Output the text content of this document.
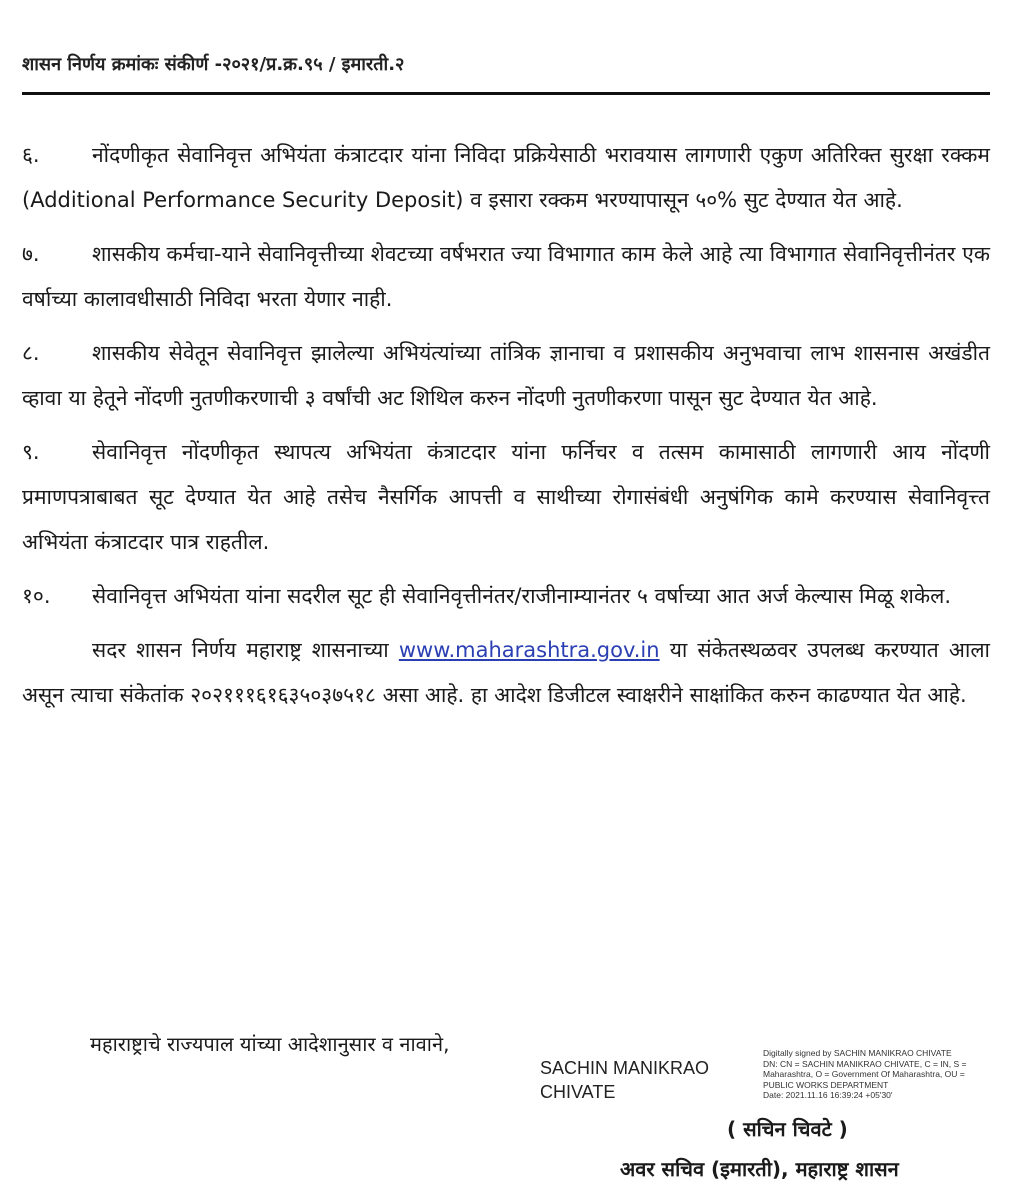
शासन निर्णय क्रमांकः संकीर्ण -२०२१/प्र.क्र.९५ / इमारती.२

६. नोंदणीकृत सेवानिवृत्त अभियंता कंत्राटदार यांना निविदा प्रक्रियेसाठी भरावयास लागणारी एकुण अतिरिक्त सुरक्षा रक्कम (Additional Performance Security Deposit) व इसारा रक्कम भरण्यापासून ५०% सुट देण्यात येत आहे.

७. शासकीय कर्मचा-याने सेवानिवृत्तीच्या शेवटच्या वर्षभरात ज्या विभागात काम केले आहे त्या विभागात सेवानिवृत्तीनंतर एक वर्षाच्या कालावधीसाठी निविदा भरता येणार नाही.

८. शासकीय सेवेतून सेवानिवृत्त झालेल्या अभियंत्यांच्या तांत्रिक ज्ञानाचा व प्रशासकीय अनुभवाचा लाभ शासनास अखंडीत व्हावा या हेतूने नोंदणी नुतणीकरणाची ३ वर्षांची अट शिथिल करुन नोंदणी नुतणीकरणा पासून सुट देण्यात येत आहे.

९. सेवानिवृत्त नोंदणीकृत स्थापत्य अभियंता कंत्राटदार यांना फर्निचर व तत्सम कामासाठी लागणारी आय नोंदणी प्रमाणपत्राबाबत सूट देण्यात येत आहे तसेच नैसर्गिक आपत्ती व साथीच्या रोगासंबंधी अनुषंगिक कामे करण्यास सेवानिवृत्त्त अभियंता कंत्राटदार पात्र राहतील.

१०. सेवानिवृत्त अभियंता यांना सदरील सूट ही सेवानिवृत्तीनंतर/राजीनाम्यानंतर ५ वर्षाच्या आत अर्ज केल्यास मिळू शकेल.

सदर शासन निर्णय महाराष्ट्र शासनाच्या www.maharashtra.gov.in या संकेतस्थळवर उपलब्ध करण्यात आला असून त्याचा संकेतांक २०२१११६१६३५०३७५१८ असा आहे. हा आदेश डिजीटल स्वाक्षरीने साक्षांकित करुन काढण्यात येत आहे.

महाराष्ट्राचे राज्यपाल यांच्या आदेशानुसार व नावाने,
SACHIN MANIKRAO
CHIVATE
Digitally signed by SACHIN MANIKRAO CHIVATE
DN: CN = SACHIN MANIKRAO CHIVATE, C = IN, S =
Maharashtra, O = Government Of Maharashtra, OU =
PUBLIC WORKS DEPARTMENT
Date: 2021.11.16 16:39:24 +05'30'
( सचिन चिवटे )
अवर सचिव (इमारती), महाराष्ट्र शासन
